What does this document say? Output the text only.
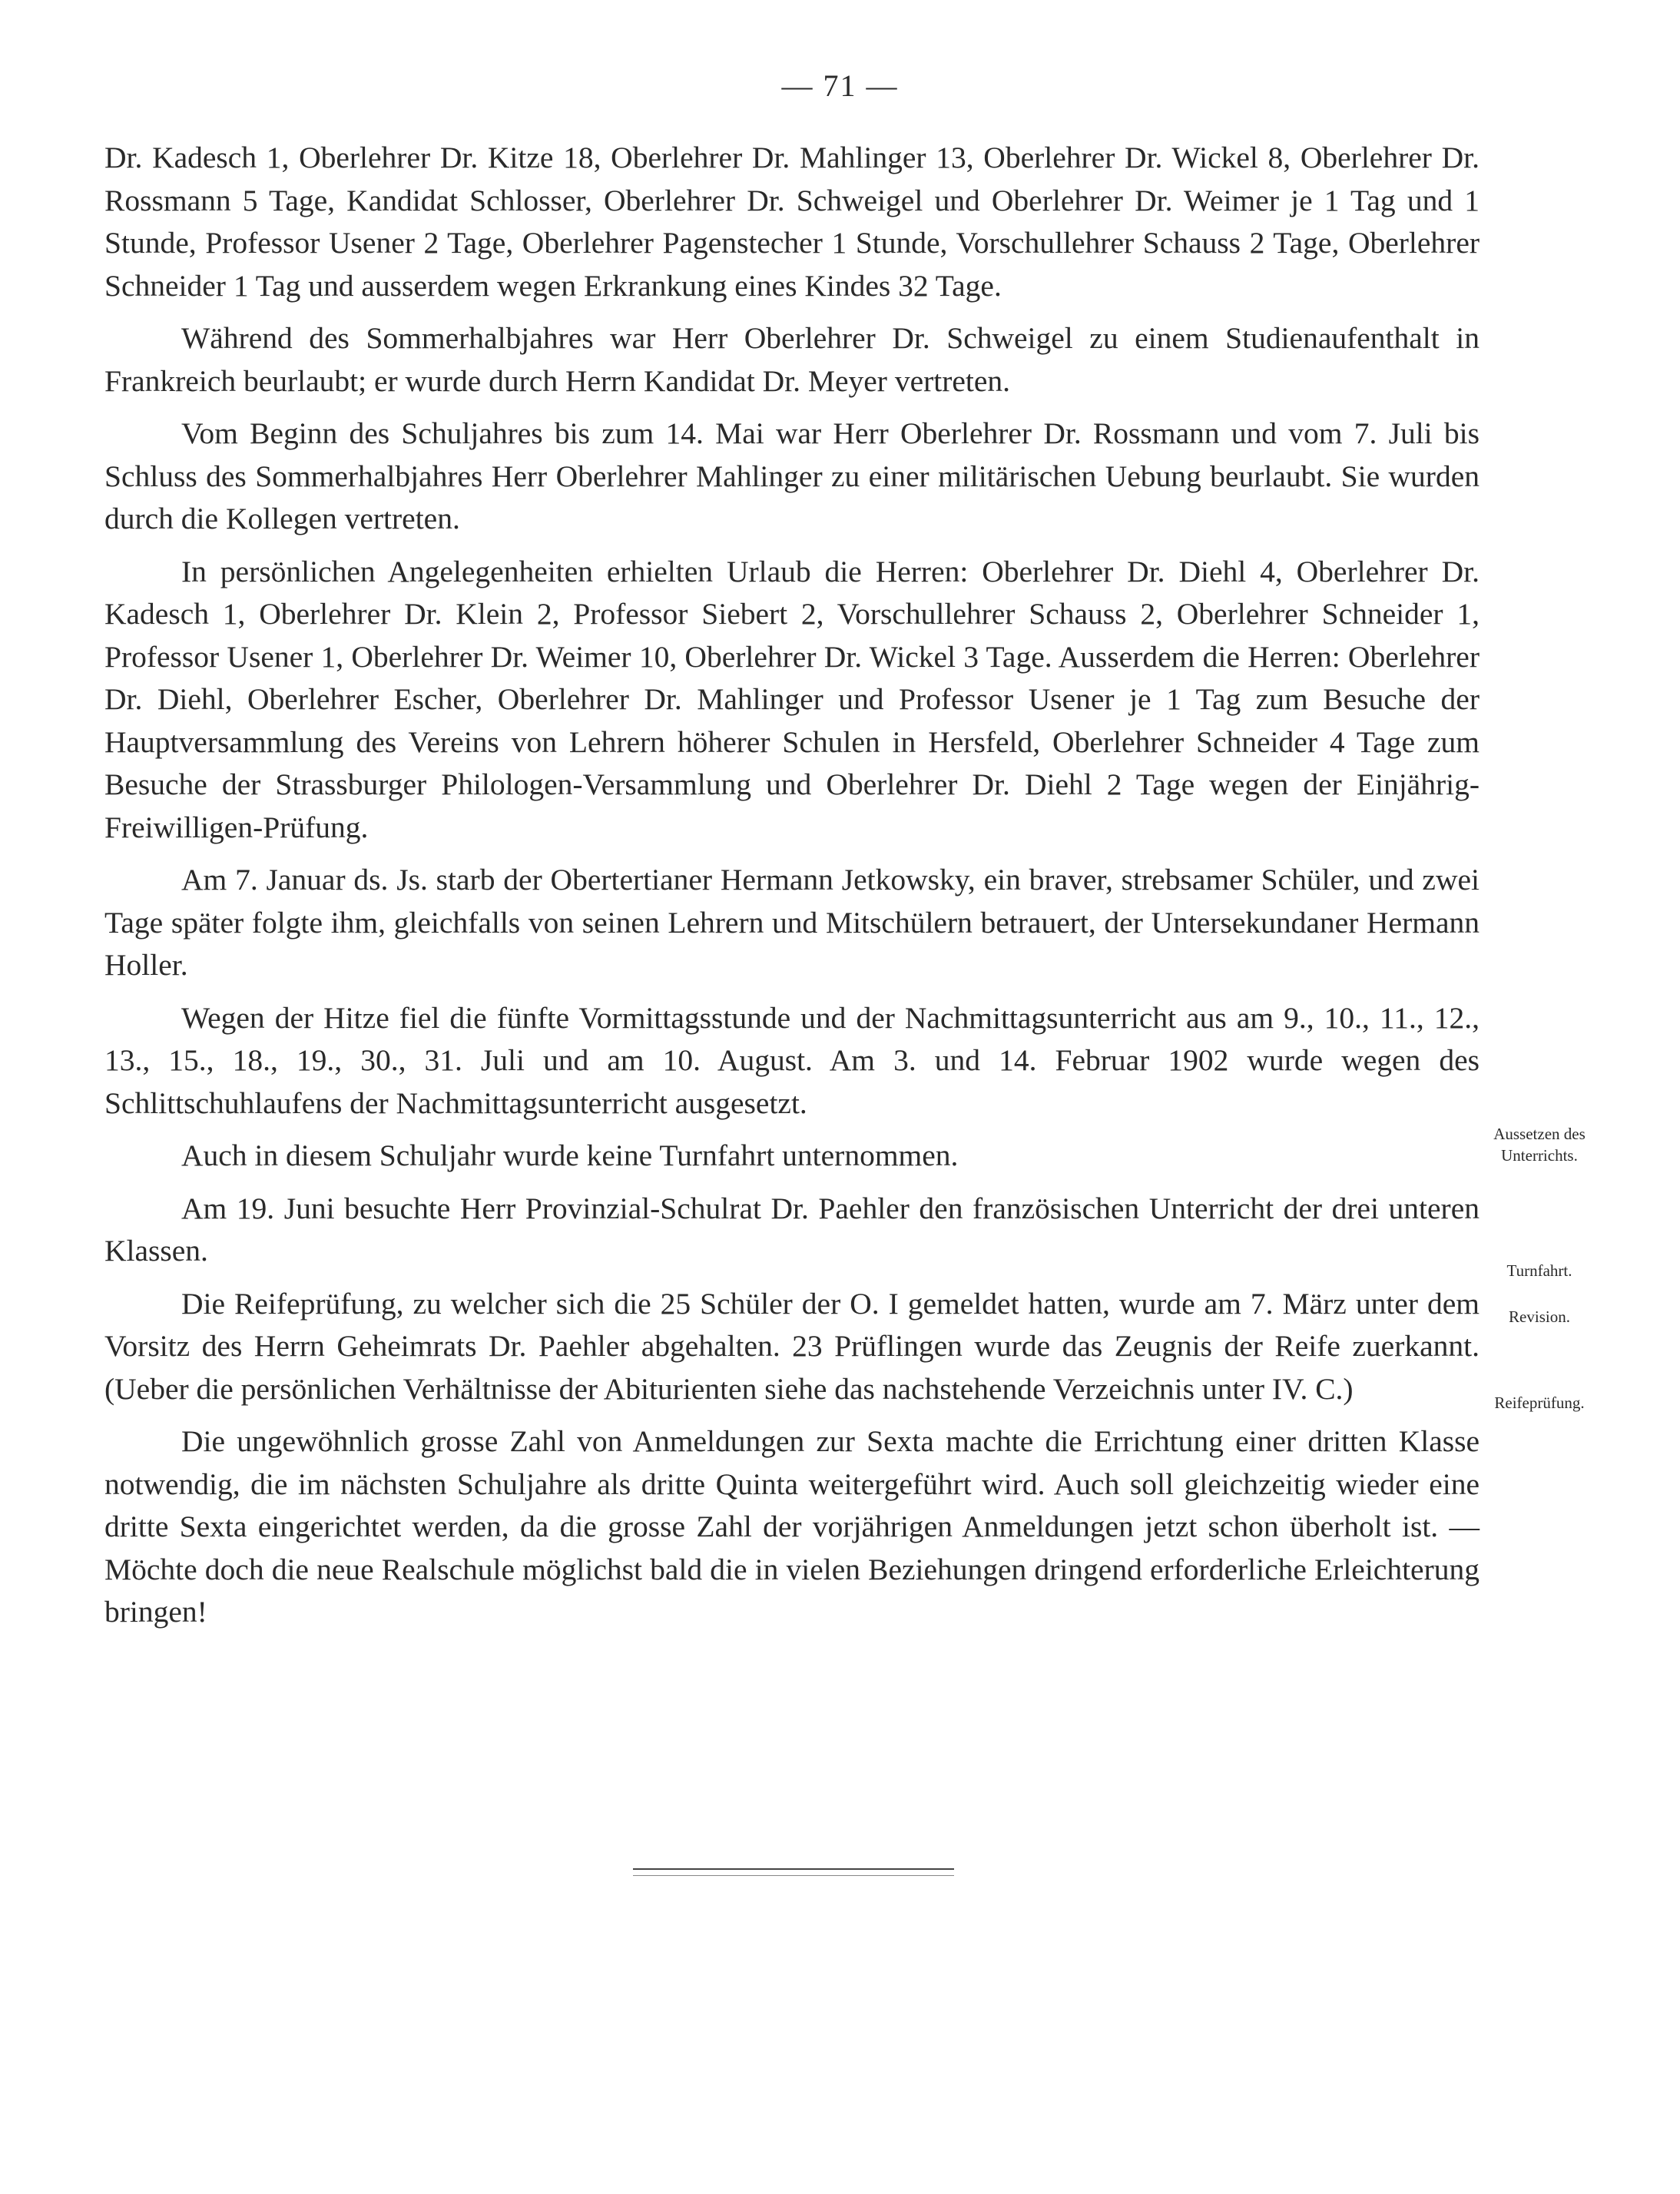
— 71 —

Dr. Kadesch 1, Oberlehrer Dr. Kitze 18, Oberlehrer Dr. Mahlinger 13, Oberlehrer Dr. Wickel 8, Oberlehrer Dr. Rossmann 5 Tage, Kandidat Schlosser, Oberlehrer Dr. Schweigel und Oberlehrer Dr. Weimer je 1 Tag und 1 Stunde, Professor Usener 2 Tage, Oberlehrer Pagenstecher 1 Stunde, Vorschullehrer Schauss 2 Tage, Oberlehrer Schneider 1 Tag und ausserdem wegen Erkrankung eines Kindes 32 Tage.

Während des Sommerhalbjahres war Herr Oberlehrer Dr. Schweigel zu einem Studienaufenthalt in Frankreich beurlaubt; er wurde durch Herrn Kandidat Dr. Meyer vertreten.

Vom Beginn des Schuljahres bis zum 14. Mai war Herr Oberlehrer Dr. Rossmann und vom 7. Juli bis Schluss des Sommerhalbjahres Herr Oberlehrer Mahlinger zu einer militärischen Uebung beurlaubt. Sie wurden durch die Kollegen vertreten.

In persönlichen Angelegenheiten erhielten Urlaub die Herren: Oberlehrer Dr. Diehl 4, Oberlehrer Dr. Kadesch 1, Oberlehrer Dr. Klein 2, Professor Siebert 2, Vorschullehrer Schauss 2, Oberlehrer Schneider 1, Professor Usener 1, Oberlehrer Dr. Weimer 10, Oberlehrer Dr. Wickel 3 Tage. Ausserdem die Herren: Oberlehrer Dr. Diehl, Oberlehrer Escher, Oberlehrer Dr. Mahlinger und Professor Usener je 1 Tag zum Besuche der Hauptversammlung des Vereins von Lehrern höherer Schulen in Hersfeld, Oberlehrer Schneider 4 Tage zum Besuche der Strassburger Philologen-Versammlung und Oberlehrer Dr. Diehl 2 Tage wegen der Einjährig-Freiwilligen-Prüfung.

Am 7. Januar ds. Js. starb der Obertertianer Hermann Jetkowsky, ein braver, strebsamer Schüler, und zwei Tage später folgte ihm, gleichfalls von seinen Lehrern und Mitschülern betrauert, der Untersekundaner Hermann Holler.

Wegen der Hitze fiel die fünfte Vormittagsstunde und der Nachmittagsunterricht aus am 9., 10., 11., 12., 13., 15., 18., 19., 30., 31. Juli und am 10. August. Am 3. und 14. Februar 1902 wurde wegen des Schlittschuhlaufens der Nachmittagsunterricht ausgesetzt.

Auch in diesem Schuljahr wurde keine Turnfahrt unternommen.

Am 19. Juni besuchte Herr Provinzial-Schulrat Dr. Paehler den französischen Unterricht der drei unteren Klassen.

Die Reifeprüfung, zu welcher sich die 25 Schüler der O. I gemeldet hatten, wurde am 7. März unter dem Vorsitz des Herrn Geheimrats Dr. Paehler abgehalten. 23 Prüflingen wurde das Zeugnis der Reife zuerkannt. (Ueber die persönlichen Verhältnisse der Abiturienten siehe das nachstehende Verzeichnis unter IV. C.)

Die ungewöhnlich grosse Zahl von Anmeldungen zur Sexta machte die Errichtung einer dritten Klasse notwendig, die im nächsten Schuljahre als dritte Quinta weitergeführt wird. Auch soll gleichzeitig wieder eine dritte Sexta eingerichtet werden, da die grosse Zahl der vorjährigen Anmeldungen jetzt schon überholt ist. — Möchte doch die neue Realschule möglichst bald die in vielen Beziehungen dringend erforderliche Erleichterung bringen!

Aussetzen des Unterrichts.
Turnfahrt.
Revision.
Reifeprüfung.
